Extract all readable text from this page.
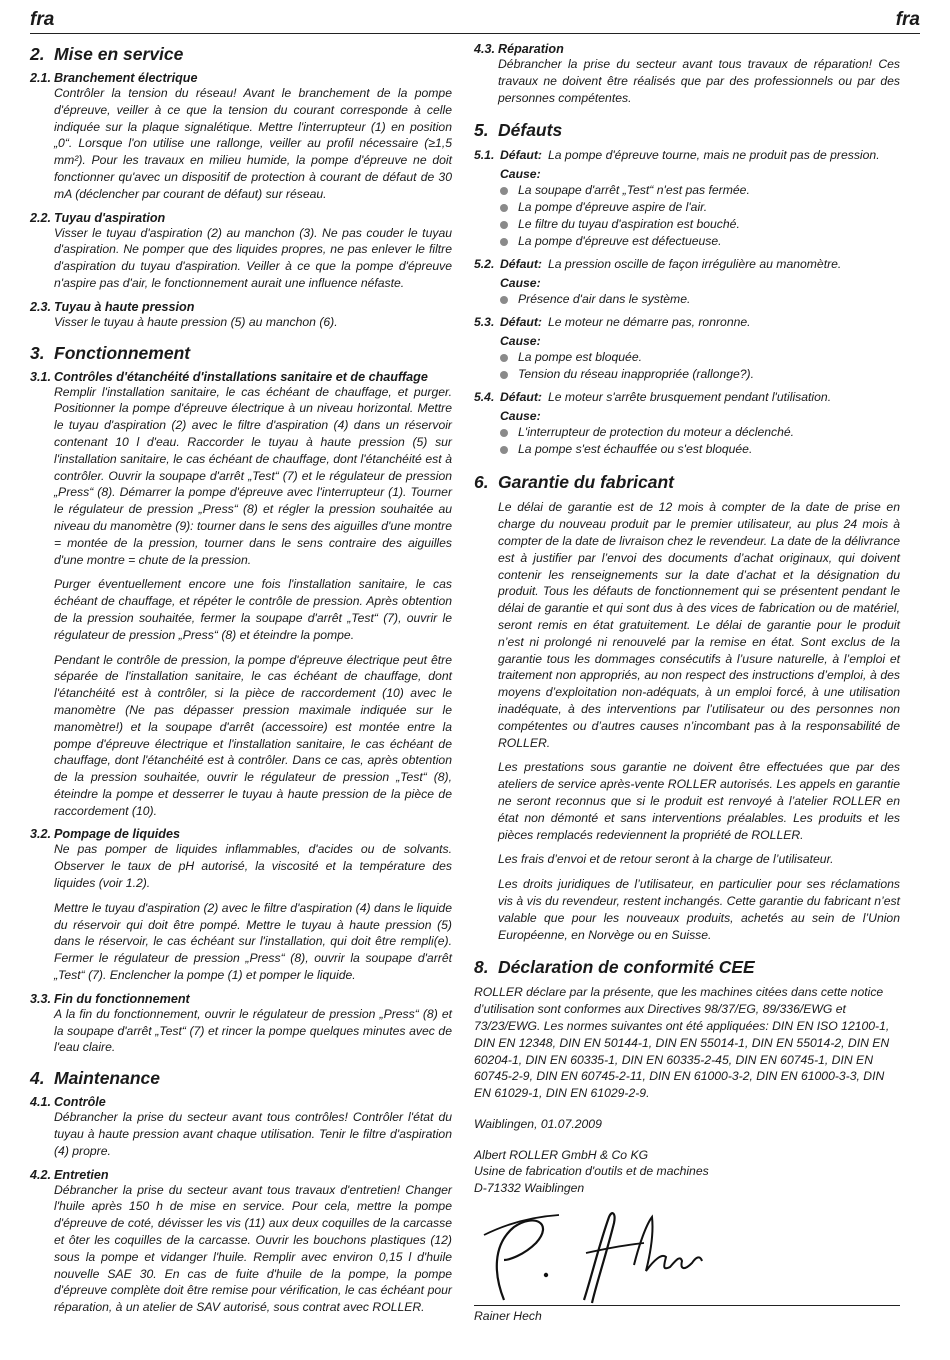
fra	fra
2. Mise en service
2.1. Branchement électrique
Contrôler la tension du réseau! Avant le branchement de la pompe d'épreuve, veiller à ce que la tension du courant corresponde à celle indiquée sur la plaque signalétique. Mettre l'interrupteur (1) en position „0“. Lorsque l'on utilise une rallonge, veiller au profil nécessaire (≥1,5 mm²). Pour les travaux en milieu humide, la pompe d'épreuve ne doit fonctionner qu'avec un dispositif de protection à courant de défaut de 30 mA (déclencher par courant de défaut) sur réseau.
2.2. Tuyau d'aspiration
Visser le tuyau d'aspiration (2) au manchon (3). Ne pas couder le tuyau d'aspiration. Ne pomper que des liquides propres, ne pas enlever le filtre d'aspiration du tuyau d'aspiration. Veiller à ce que la pompe d'épreuve n'aspire pas d'air, le fonctionnement aurait une influence néfaste.
2.3. Tuyau à haute pression
Visser le tuyau à haute pression (5) au manchon (6).
3. Fonctionnement
3.1. Contrôles d'étanchéité d'installations sanitaire et de chauffage
Remplir l'installation sanitaire, le cas échéant de chauffage, et purger. Positionner la pompe d'épreuve électrique à un niveau horizontal. Mettre le tuyau d'aspiration (2) avec le filtre d'aspiration (4) dans un réservoir contenant 10 l d'eau. Raccorder le tuyau à haute pression (5) sur l'installation sanitaire, le cas échéant de chauffage, dont l'étanchéité est à contrôler. Ouvrir la soupape d'arrêt „Test“ (7) et le régulateur de pression „Press“ (8). Démarrer la pompe d'épreuve avec l'interrupteur (1). Tourner le régulateur de pression „Press“ (8) et régler la pression souhaitée au niveau du manomètre (9): tourner dans le sens des aiguilles d'une montre = montée de la pression, tourner dans le sens contraire des aiguilles d'une montre = chute de la pression.
Purger éventuellement encore une fois l'installation sanitaire, le cas échéant de chauffage, et répéter le contrôle de pression. Après obtention de la pression souhaitée, fermer la soupape d'arrêt „Test“ (7), ouvrir le régulateur de pression „Press“ (8) et éteindre la pompe.
Pendant le contrôle de pression, la pompe d'épreuve électrique peut être séparée de l'installation sanitaire, le cas échéant de chauffage, dont l'étanchéité est à contrôler, si la pièce de raccordement (10) avec le manomètre (Ne pas dépasser pression maximale indiquée sur le manomètre!) et la soupape d'arrêt (accessoire) est montée entre la pompe d'épreuve électrique et l'installation sanitaire, le cas échéant de chauffage, dont l'étanchéité est à contrôler. Dans ce cas, après obtention de la pression souhaitée, ouvrir le régulateur de pression „Test“ (8), éteindre la pompe et desserrer le tuyau à haute pression de la pièce de raccordement (10).
3.2. Pompage de liquides
Ne pas pomper de liquides inflammables, d'acides ou de solvants. Observer le taux de pH autorisé, la viscosité et la température des liquides (voir 1.2).
Mettre le tuyau d'aspiration (2) avec le filtre d'aspiration (4) dans le liquide du réservoir qui doit être pompé. Mettre le tuyau à haute pression (5) dans le réservoir, le cas échéant sur l'installation, qui doit être rempli(e). Fermer le régulateur de pression „Press“ (8), ouvrir la soupape d'arrêt „Test“ (7). Enclencher la pompe (1) et pomper le liquide.
3.3. Fin du fonctionnement
A la fin du fonctionnement, ouvrir le régulateur de pression „Press“ (8) et la soupape d'arrêt „Test“ (7) et rincer la pompe quelques minutes avec de l'eau claire.
4. Maintenance
4.1. Contrôle
Débrancher la prise du secteur avant tous contrôles! Contrôler l'état du tuyau à haute pression avant chaque utilisation. Tenir le filtre d'aspiration (4) propre.
4.2. Entretien
Débrancher la prise du secteur avant tous travaux d'entretien! Changer l'huile après 150 h de mise en service. Pour cela, mettre la pompe d'épreuve de coté, dévisser les vis (11) aux deux coquilles de la carcasse et ôter les coquilles de la carcasse. Ouvrir les bouchons plastiques (12) sous la pompe et vidanger l'huile. Remplir avec environ 0,15 l d'huile nouvelle SAE 30. En cas de fuite d'huile de la pompe, la pompe d'épreuve complète doit être remise pour vérification, le cas échéant pour réparation, à un atelier de SAV autorisé, sous contrat avec ROLLER.
4.3. Réparation
Débrancher la prise du secteur avant tous travaux de réparation! Ces travaux ne doivent être réalisés que par des professionnels ou par des personnes compétentes.
5. Défauts
5.1. Défaut: La pompe d'épreuve tourne, mais ne produit pas de pression.
Cause:
La soupape d'arrêt „Test“ n'est pas fermée.
La pompe d'épreuve aspire de l'air.
Le filtre du tuyau d'aspiration est bouché.
La pompe d'épreuve est défectueuse.
5.2. Défaut: La pression oscille de façon irrégulière au manomètre.
Cause:
Présence d'air dans le système.
5.3. Défaut: Le moteur ne démarre pas, ronronne.
Cause:
La pompe est bloquée.
Tension du réseau inappropriée (rallonge?).
5.4. Défaut: Le moteur s'arrête brusquement pendant l'utilisation.
Cause:
L'interrupteur de protection du moteur a déclenché.
La pompe s'est échauffée ou s'est bloquée.
6. Garantie du fabricant
Le délai de garantie est de 12 mois à compter de la date de prise en charge du nouveau produit par le premier utilisateur, au plus 24 mois à compter de la date de livraison chez le revendeur. La date de la délivrance est à justifier par l’envoi des documents d’achat originaux, qui doivent contenir les renseignements sur la date d’achat et la désignation du produit. Tous les défauts de fonctionnement qui se présentent pendant le délai de garantie et qui sont dus à des vices de fabrication ou de matériel, seront remis en état gratuitement. Le délai de garantie pour le produit n’est ni prolongé ni renouvelé par la remise en état. Sont exclus de la garantie tous les dommages consécutifs à l’usure naturelle, à l’emploi et traitement non appropriés, au non respect des instructions d’emploi, à des moyens d’exploitation non-adéquats, à un emploi forcé, à une utilisation inadéquate, à des interventions par l’utilisateur ou des personnes non compétentes ou d’autres causes n’incombant pas à la responsabilité de ROLLER.
Les prestations sous garantie ne doivent être effectuées que par des ateliers de service après-vente ROLLER autorisés. Les appels en garantie ne seront reconnus que si le produit est renvoyé à l’atelier ROLLER en état non démonté et sans interventions préalables. Les produits et les pièces remplacés redeviennent la propriété de ROLLER.
Les frais d’envoi et de retour seront à la charge de l’utilisateur.
Les droits juridiques de l’utilisateur, en particulier pour ses réclamations vis à vis du revendeur, restent inchangés. Cette garantie du fabricant n’est valable que pour les nouveaux produits, achetés au sein de l’Union Européenne, en Norvège ou en Suisse.
8. Déclaration de conformité CEE
ROLLER déclare par la présente, que les machines citées dans cette notice d’utilisation sont conformes aux Directives 98/37/EG, 89/336/EWG et 73/23/EWG. Les normes suivantes ont été appliquées: DIN EN ISO 12100-1, DIN EN 12348, DIN EN 50144-1, DIN EN 55014-1, DIN EN 55014-2, DIN EN 60204-1, DIN EN 60335-1, DIN EN 60335-2-45, DIN EN 60745-1, DIN EN 60745-2-9, DIN EN 60745-2-11, DIN EN 61000-3-2, DIN EN 61000-3-3, DIN EN 61029-1, DIN EN 61029-2-9.
Waiblingen, 01.07.2009
Albert ROLLER GmbH & Co KG
Usine de fabrication d'outils et de machines
D-71332 Waiblingen
Rainer Hech
